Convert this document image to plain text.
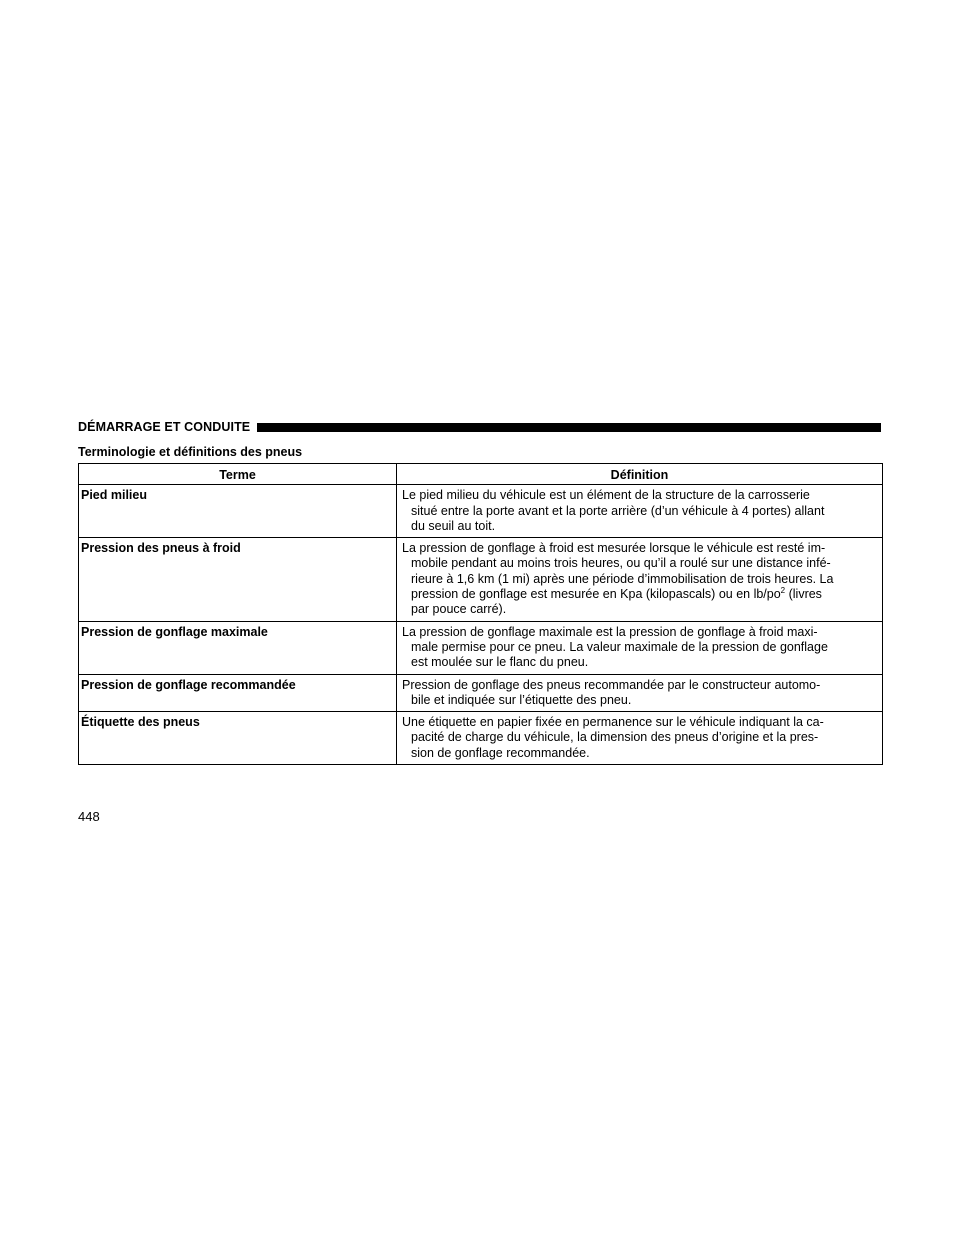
DÉMARRAGE ET CONDUITE
Terminologie et définitions des pneus
Terme	Définition
Pied milieu	Le pied milieu du véhicule est un élément de la structure de la carrosserie

situé entre la porte avant et la porte arrière (d’un véhicule à 4 portes) allant

du seuil au toit.

Pression des pneus à froid	La pression de gonflage à froid est mesurée lorsque le véhicule est resté im-

mobile pendant au moins trois heures, ou qu’il a roulé sur une distance infé-

rieure à 1,6 km (1 mi) après une période d’immobilisation de trois heures. La

pression de gonflage est mesurée en Kpa (kilopascals) ou en $lb/po^2$ (livres

par pouce carré).

Pression de gonflage maximale	La pression de gonflage maximale est la pression de gonflage à froid maxi-

male permise pour ce pneu. La valeur maximale de la pression de gonflage

est moulée sur le flanc du pneu.

Pression de gonflage recommandée	Pression de gonflage des pneus recommandée par le constructeur automo-

bile et indiquée sur l’étiquette des pneu.

Étiquette des pneus	Une étiquette en papier fixée en permanence sur le véhicule indiquant la ca-

pacité de charge du véhicule, la dimension des pneus d’origine et la pres-

sion de gonflage recommandée.

448
